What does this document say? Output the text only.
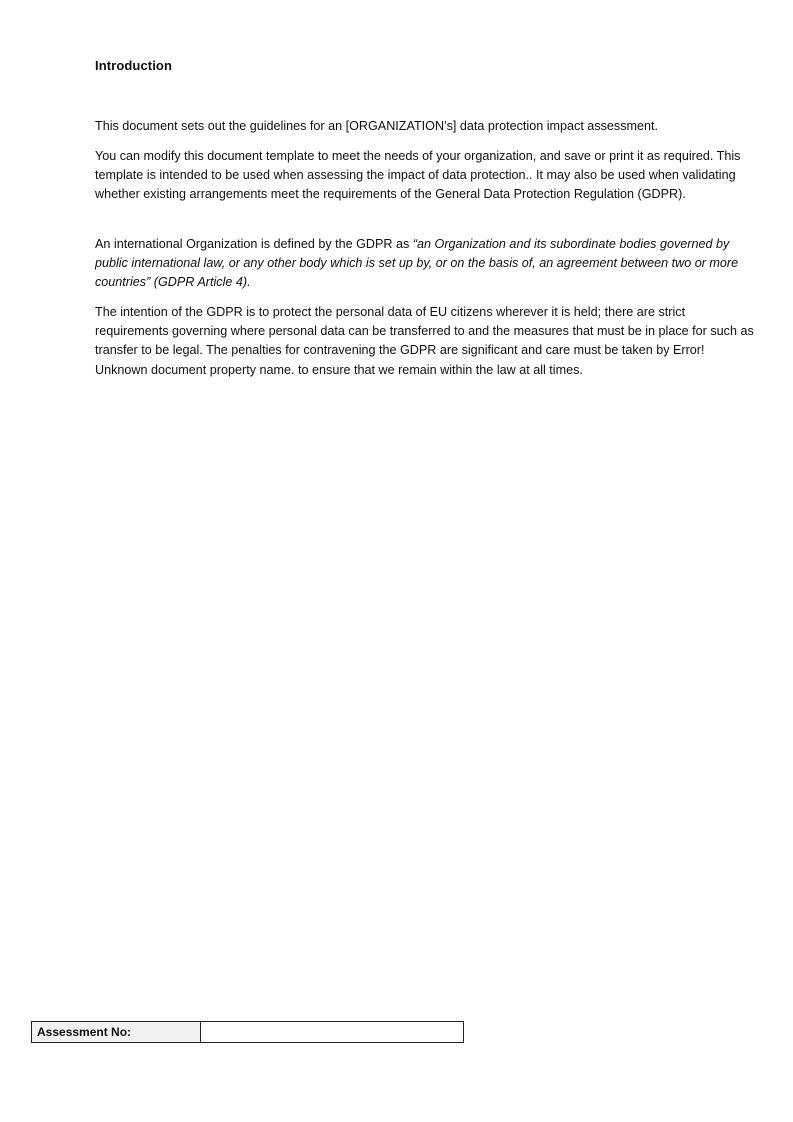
Introduction
This document sets out the guidelines for an [ORGANIZATION’s] data protection impact assessment.
You can modify this document template to meet the needs of your organization, and save or print it as required. This template is intended to be used when assessing the impact of data protection.. It may also be used when validating whether existing arrangements meet the requirements of the General Data Protection Regulation (GDPR).
An international Organization is defined by the GDPR as “an Organization and its subordinate bodies governed by public international law, or any other body which is set up by, or on the basis of, an agreement between two or more countries” (GDPR Article 4).
The intention of the GDPR is to protect the personal data of EU citizens wherever it is held; there are strict requirements governing where personal data can be transferred to and the measures that must be in place for such as transfer to be legal. The penalties for contravening the GDPR are significant and care must be taken by Error! Unknown document property name. to ensure that we remain within the law at all times.
Assessment No:
